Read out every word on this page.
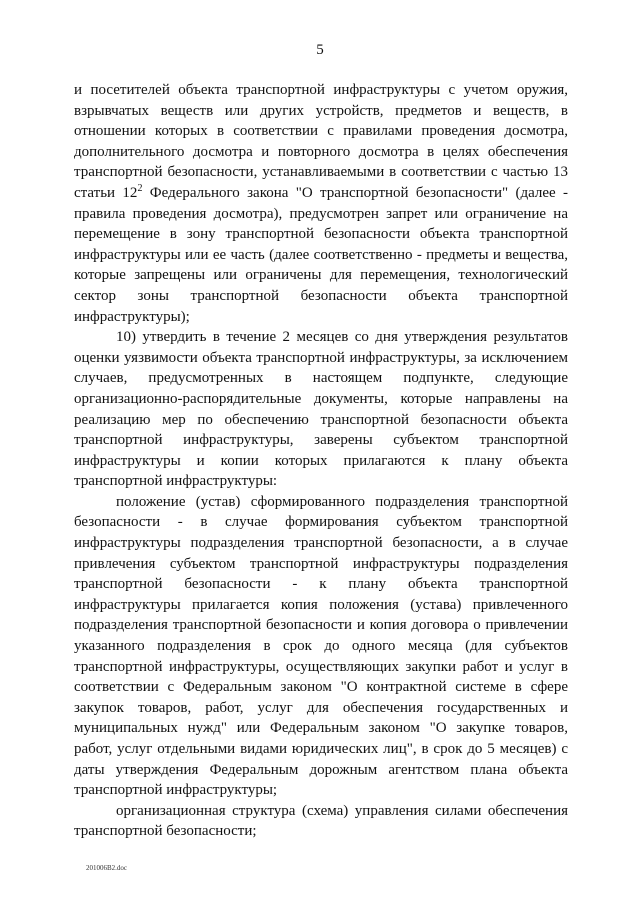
5

и посетителей объекта транспортной инфраструктуры с учетом оружия, взрывчатых веществ или других устройств, предметов и веществ, в отношении которых в соответствии с правилами проведения досмотра, дополнительного досмотра и повторного досмотра в целях обеспечения транспортной безопасности, устанавливаемыми в соответствии с частью 13 статьи $12^2$ Федерального закона "О транспортной безопасности" (далее - правила проведения досмотра), предусмотрен запрет или ограничение на перемещение в зону транспортной безопасности объекта транспортной инфраструктуры или ее часть (далее соответственно - предметы и вещества, которые запрещены или ограничены для перемещения, технологический сектор зоны транспортной безопасности объекта транспортной инфраструктуры);

10) утвердить в течение 2 месяцев со дня утверждения результатов оценки уязвимости объекта транспортной инфраструктуры, за исключением случаев, предусмотренных в настоящем подпункте, следующие организационно-распорядительные документы, которые направлены на реализацию мер по обеспечению транспортной безопасности объекта транспортной инфраструктуры, заверены субъектом транспортной инфраструктуры и копии которых прилагаются к плану объекта транспортной инфраструктуры:

положение (устав) сформированного подразделения транспортной безопасности - в случае формирования субъектом транспортной инфраструктуры подразделения транспортной безопасности, а в случае привлечения субъектом транспортной инфраструктуры подразделения транспортной безопасности - к плану объекта транспортной инфраструктуры прилагается копия положения (устава) привлеченного подразделения транспортной безопасности и копия договора о привлечении указанного подразделения в срок до одного месяца (для субъектов транспортной инфраструктуры, осуществляющих закупки работ и услуг в соответствии с Федеральным законом "О контрактной системе в сфере закупок товаров, работ, услуг для обеспечения государственных и муниципальных нужд" или Федеральным законом "О закупке товаров, работ, услуг отдельными видами юридических лиц", в срок до 5 месяцев) с даты утверждения Федеральным дорожным агентством плана объекта транспортной инфраструктуры;

организационная структура (схема) управления силами обеспечения транспортной безопасности;

201006В2.doc
